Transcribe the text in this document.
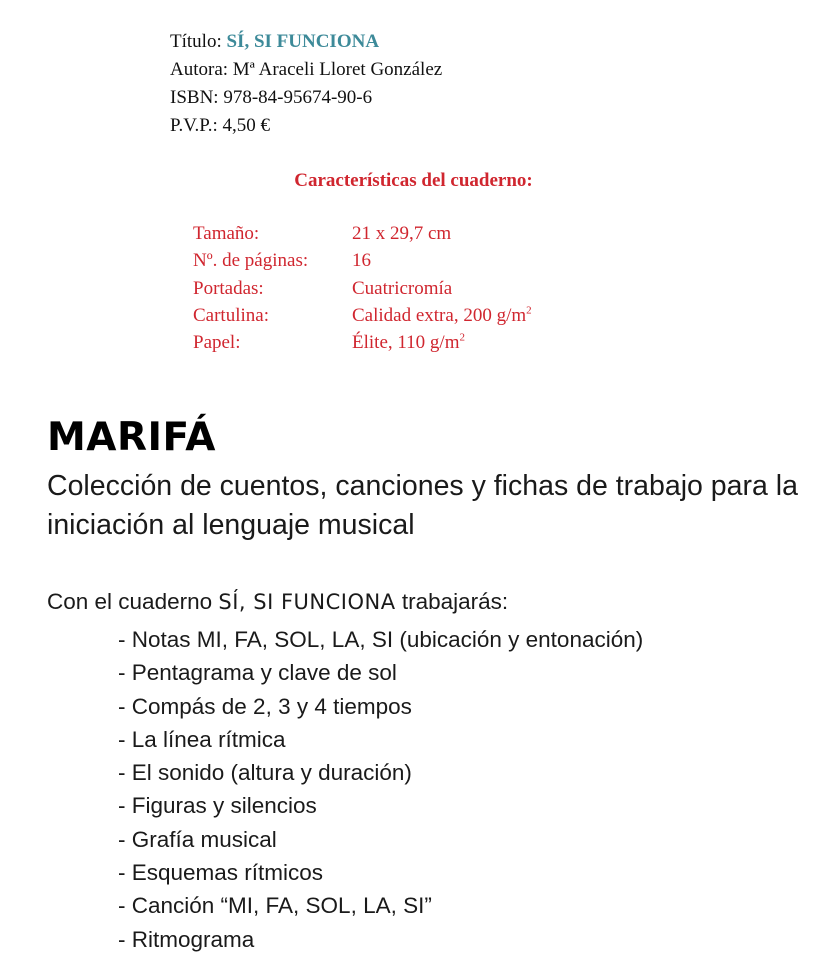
Título: SÍ, SI FUNCIONA
Autora: Mª Araceli Lloret González
ISBN: 978-84-95674-90-6
P.V.P.: 4,50 €
Características del cuaderno:
Tamaño:	21 x 29,7 cm
Nº. de páginas:	16
Portadas:	Cuatricromía
Cartulina:	Calidad extra, 200 $g/m^2$
Papel:	Élite, 110 $g/m^2$
MARIFÁ
Colección de cuentos, canciones y fichas de trabajo para la iniciación al lenguaje musical
Con el cuaderno SÍ, SI FUNCIONA trabajarás:
- Notas MI, FA, SOL, LA, SI (ubicación y entonación)
- Pentagrama y clave de sol
- Compás de 2, 3 y 4 tiempos
- La línea rítmica
- El sonido (altura y duración)
- Figuras y silencios
- Grafía musical
- Esquemas rítmicos
- Canción “MI, FA, SOL, LA, SI”
- Ritmograma
